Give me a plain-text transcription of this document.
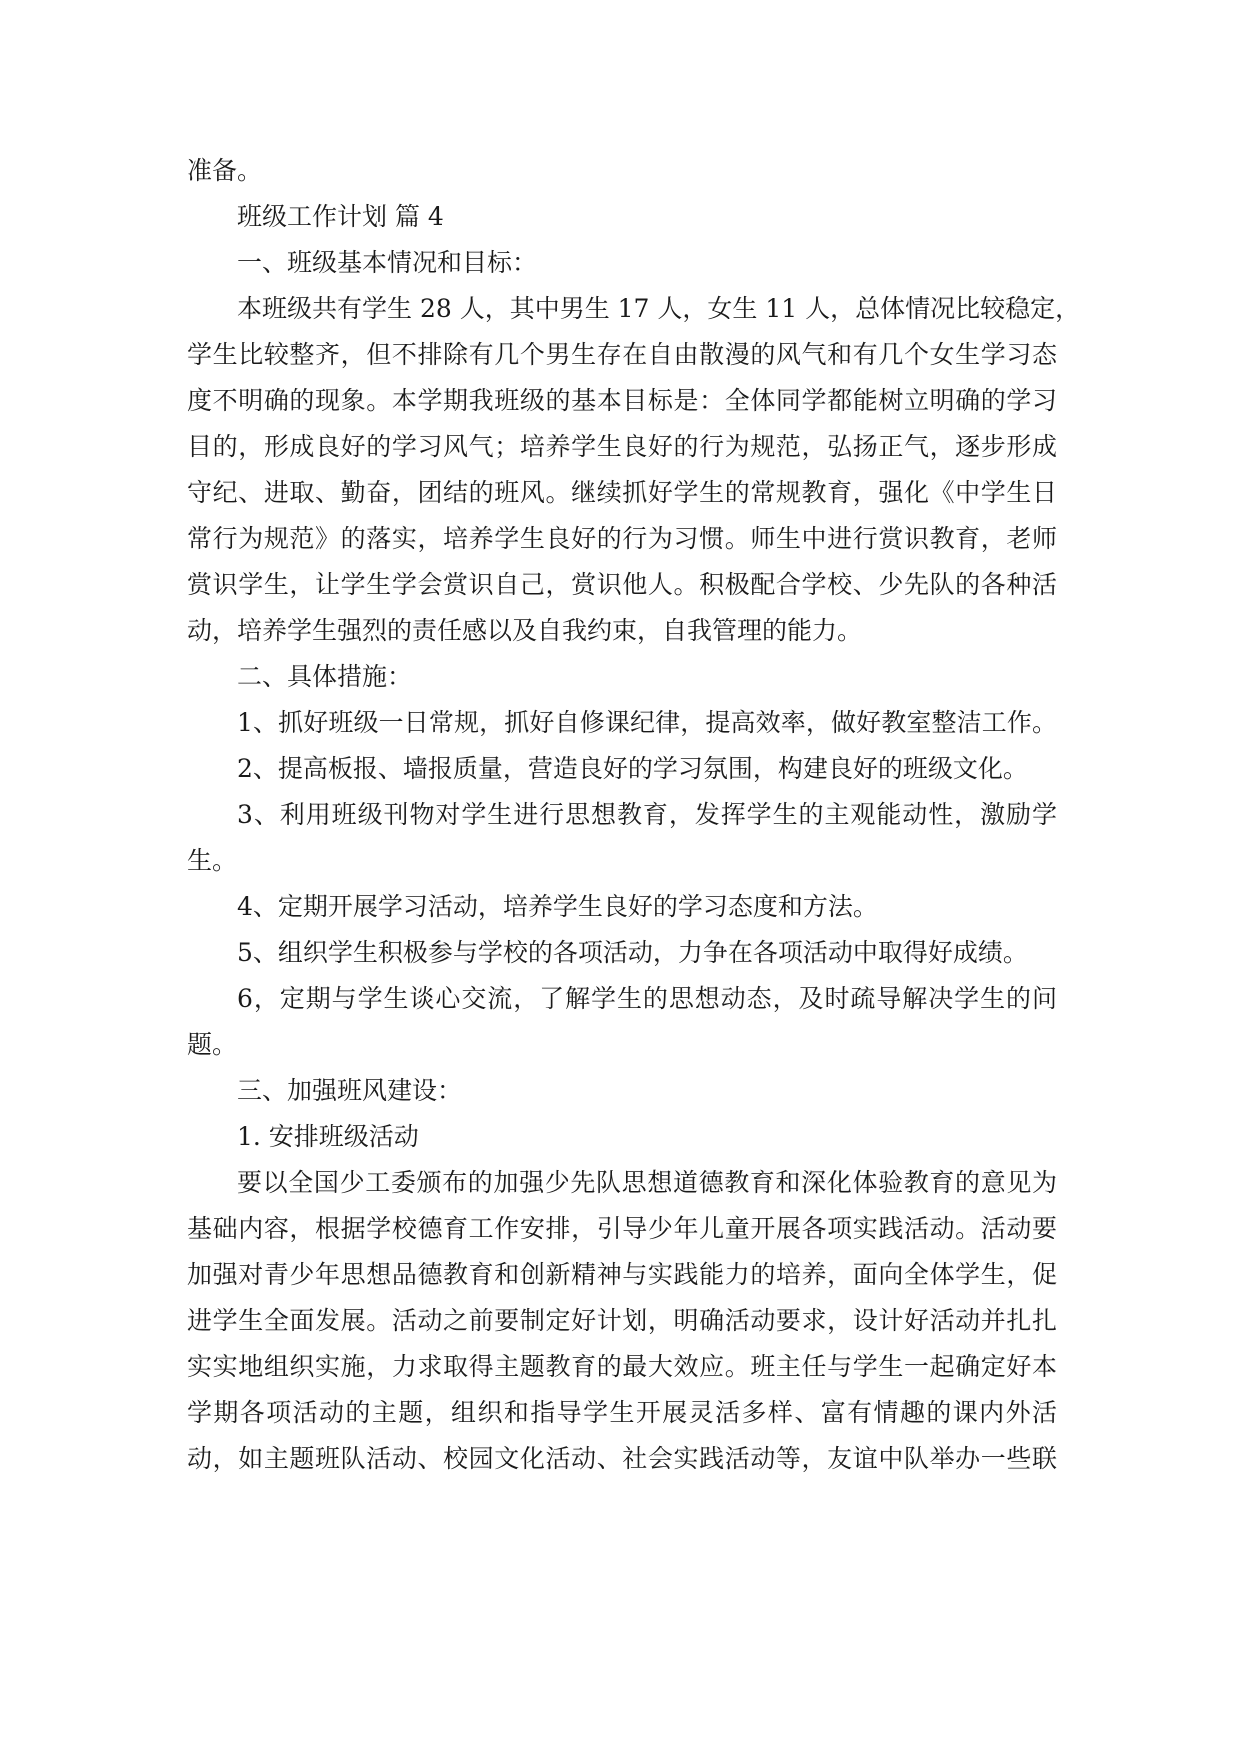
准备。
班级工作计划 篇 4
一、班级基本情况和目标：
本班级共有学生 28 人，其中男生 17 人，女生 11 人，总体情况比较稳定，
学生比较整齐，但不排除有几个男生存在自由散漫的风气和有几个女生学习态
度不明确的现象。本学期我班级的基本目标是：全体同学都能树立明确的学习
目的，形成良好的学习风气；培养学生良好的行为规范，弘扬正气，逐步形成
守纪、进取、勤奋，团结的班风。继续抓好学生的常规教育，强化《中学生日
常行为规范》的落实，培养学生良好的行为习惯。师生中进行赏识教育，老师
赏识学生，让学生学会赏识自己，赏识他人。积极配合学校、少先队的各种活
动，培养学生强烈的责任感以及自我约束，自我管理的能力。
二、具体措施：
1、抓好班级一日常规，抓好自修课纪律，提高效率，做好教室整洁工作。
2、提高板报、墙报质量，营造良好的学习氛围，构建良好的班级文化。
3、利用班级刊物对学生进行思想教育，发挥学生的主观能动性，激励学
生。
4、定期开展学习活动，培养学生良好的学习态度和方法。
5、组织学生积极参与学校的各项活动，力争在各项活动中取得好成绩。
6，定期与学生谈心交流，了解学生的思想动态，及时疏导解决学生的问
题。
三、加强班风建设：
1. 安排班级活动
要以全国少工委颁布的加强少先队思想道德教育和深化体验教育的意见为
基础内容，根据学校德育工作安排，引导少年儿童开展各项实践活动。活动要
加强对青少年思想品德教育和创新精神与实践能力的培养，面向全体学生，促
进学生全面发展。活动之前要制定好计划，明确活动要求，设计好活动并扎扎
实实地组织实施，力求取得主题教育的最大效应。班主任与学生一起确定好本
学期各项活动的主题，组织和指导学生开展灵活多样、富有情趣的课内外活
动，如主题班队活动、校园文化活动、社会实践活动等，友谊中队举办一些联
